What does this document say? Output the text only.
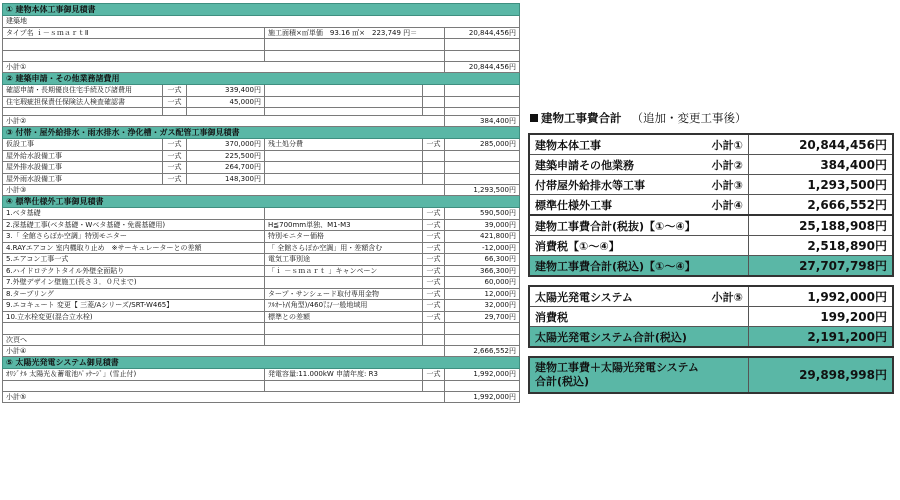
① 建物本体工事御見積書					
建築地					
タイプ名 ｉ－ｓｍａｒｔⅡ			施工面積×㎡単価　93.16 ㎡×　223,749 円＝		20,844,456円

小計①					20,844,456円
② 建築申請・その他業務諸費用					
確認申請・長期優良住宅手続及び諸費用	一式	339,400円			
住宅瑕疵担保責任保険法人検査確認書	一式	45,000円			

小計②					384,400円
③ 付帯・屋外給排水・雨水排水・浄化槽・ガス配管工事御見積書					
仮設工事	一式	370,000円	残土処分費	一式	285,000円
屋外給水設備工事	一式	225,500円			
屋外排水設備工事	一式	264,700円			
屋外雨水設備工事	一式	148,300円			
小計③					1,293,500円
④ 標準仕様外工事御見積書					
1.ベタ基礎				一式	590,500円
2.深基礎工事(ベタ基礎・Wベタ基礎・免震基礎用)			H≦700mm単独、M1-M3	一式	39,000円
3.「 全館さらぽか空調」特別モニター			特別モニター価格	一式	421,800円
4.RAYエアコン 室内機取り止め　※サーキュレーターとの差額			「 全館さらぽか空調」用・差額含む	一式	-12,000円
5.エアコン工事一式			電気工事別途	一式	66,300円
6.ハイドロテクトタイル外壁全面貼り			「ｉ －ｓｍａｒｔ 」キャンペーン	一式	366,300円
7.外壁デザイン壁施工(長さ３．０尺まで)				一式	60,000円
8.タープリング			タープ・サンシェード取付専用金物	一式	12,000円
9.エコキュート 変更【 三菱/Aシリーズ/SRT-W465】			ﾌﾙｵｰﾄ/(角型)/460㍑/一般地域用	一式	32,000円
10.立水栓変更(混合立水栓)			標準との差額	一式	29,700円

次頁へ					
小計④					2,666,552円
⑤ 太陽光発電システム御見積書					
ｵﾘｼﾞﾅﾙ 太陽光＆蓄電池ﾊﾟｯｹｰｼﾞ」(雪止付)			発電容量:11.000kW 申請年度: R3	一式	1,992,000円

小計⑤					1,992,000円
建物工事費合計 （追加・変更工事後）
建物本体工事 小計①	20,844,456円

建築申請その他業務 小計②	384,400円

付帯屋外給排水等工事 小計③	1,293,500円

標準仕様外工事 小計④	2,666,552円
建物工事費合計(税抜)【①～④】	25,188,908円
消費税【①～④】	2,518,890円
建物工事費合計(税込)【①～④】	27,707,798円
太陽光発電システム 小計⑤	1,992,000円
消費税	199,200円
太陽光発電システム合計(税込)	2,191,200円
建物工事費＋太陽光発電システム
合計(税込)	29,898,998円
